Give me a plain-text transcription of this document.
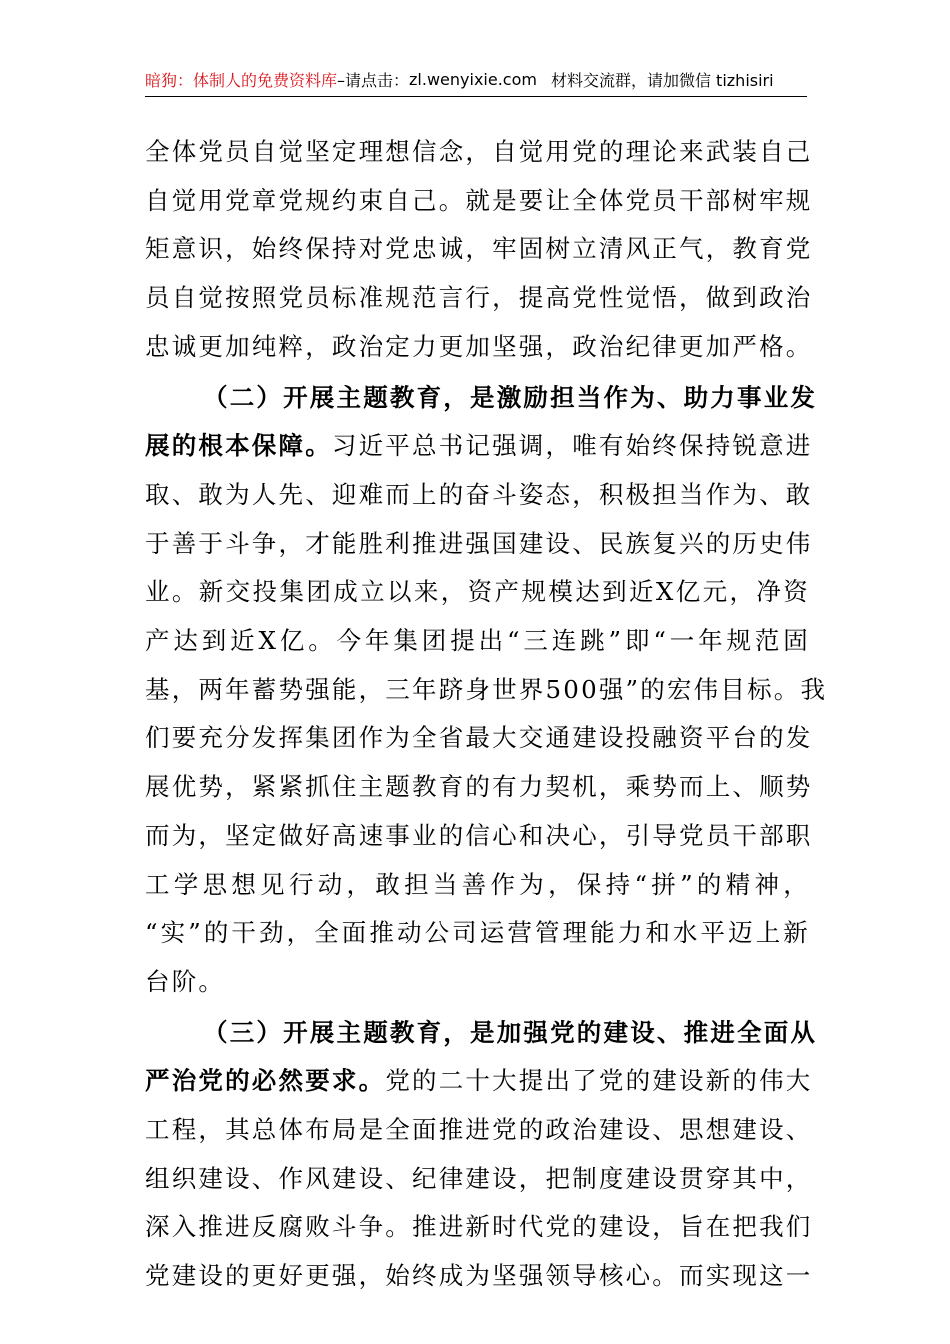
暗狗：体制人的免费资料库 –请点击： zl.wenyixie.com 材料交流群，请加微信 tizhisiri

全体党员自觉坚定理想信念，自觉用党的理论来武装自己
自觉用党章党规约束自己。就是要让全体党员干部树牢规
矩意识，始终保持对党忠诚，牢固树立清风正气，教育党
员自觉按照党员标准规范言行，提高党性觉悟，做到政治
忠诚更加纯粹，政治定力更加坚强，政治纪律更加严格。

（二）开展主题教育，是激励担当作为、助力事业发
展的根本保障。习近平总书记强调，唯有始终保持锐意进
取、敢为人先、迎难而上的奋斗姿态，积极担当作为、敢
于善于斗争，才能胜利推进强国建设、民族复兴的历史伟
业。新交投集团成立以来，资产规模达到近X亿元，净资
产达到近X亿。今年集团提出“三连跳”即“一年规范固
基，两年蓄势强能，三年跻身世界500强”的宏伟目标。我
们要充分发挥集团作为全省最大交通建设投融资平台的发
展优势，紧紧抓住主题教育的有力契机，乘势而上、顺势
而为，坚定做好高速事业的信心和决心，引导党员干部职
工学思想见行动，敢担当善作为，保持“拼”的精神，
“实”的干劲，全面推动公司运营管理能力和水平迈上新
台阶。

（三）开展主题教育，是加强党的建设、推进全面从
严治党的必然要求。党的二十大提出了党的建设新的伟大
工程，其总体布局是全面推进党的政治建设、思想建设、
组织建设、作风建设、纪律建设，把制度建设贯穿其中，
深入推进反腐败斗争。推进新时代党的建设，旨在把我们
党建设的更好更强，始终成为坚强领导核心。而实现这一
